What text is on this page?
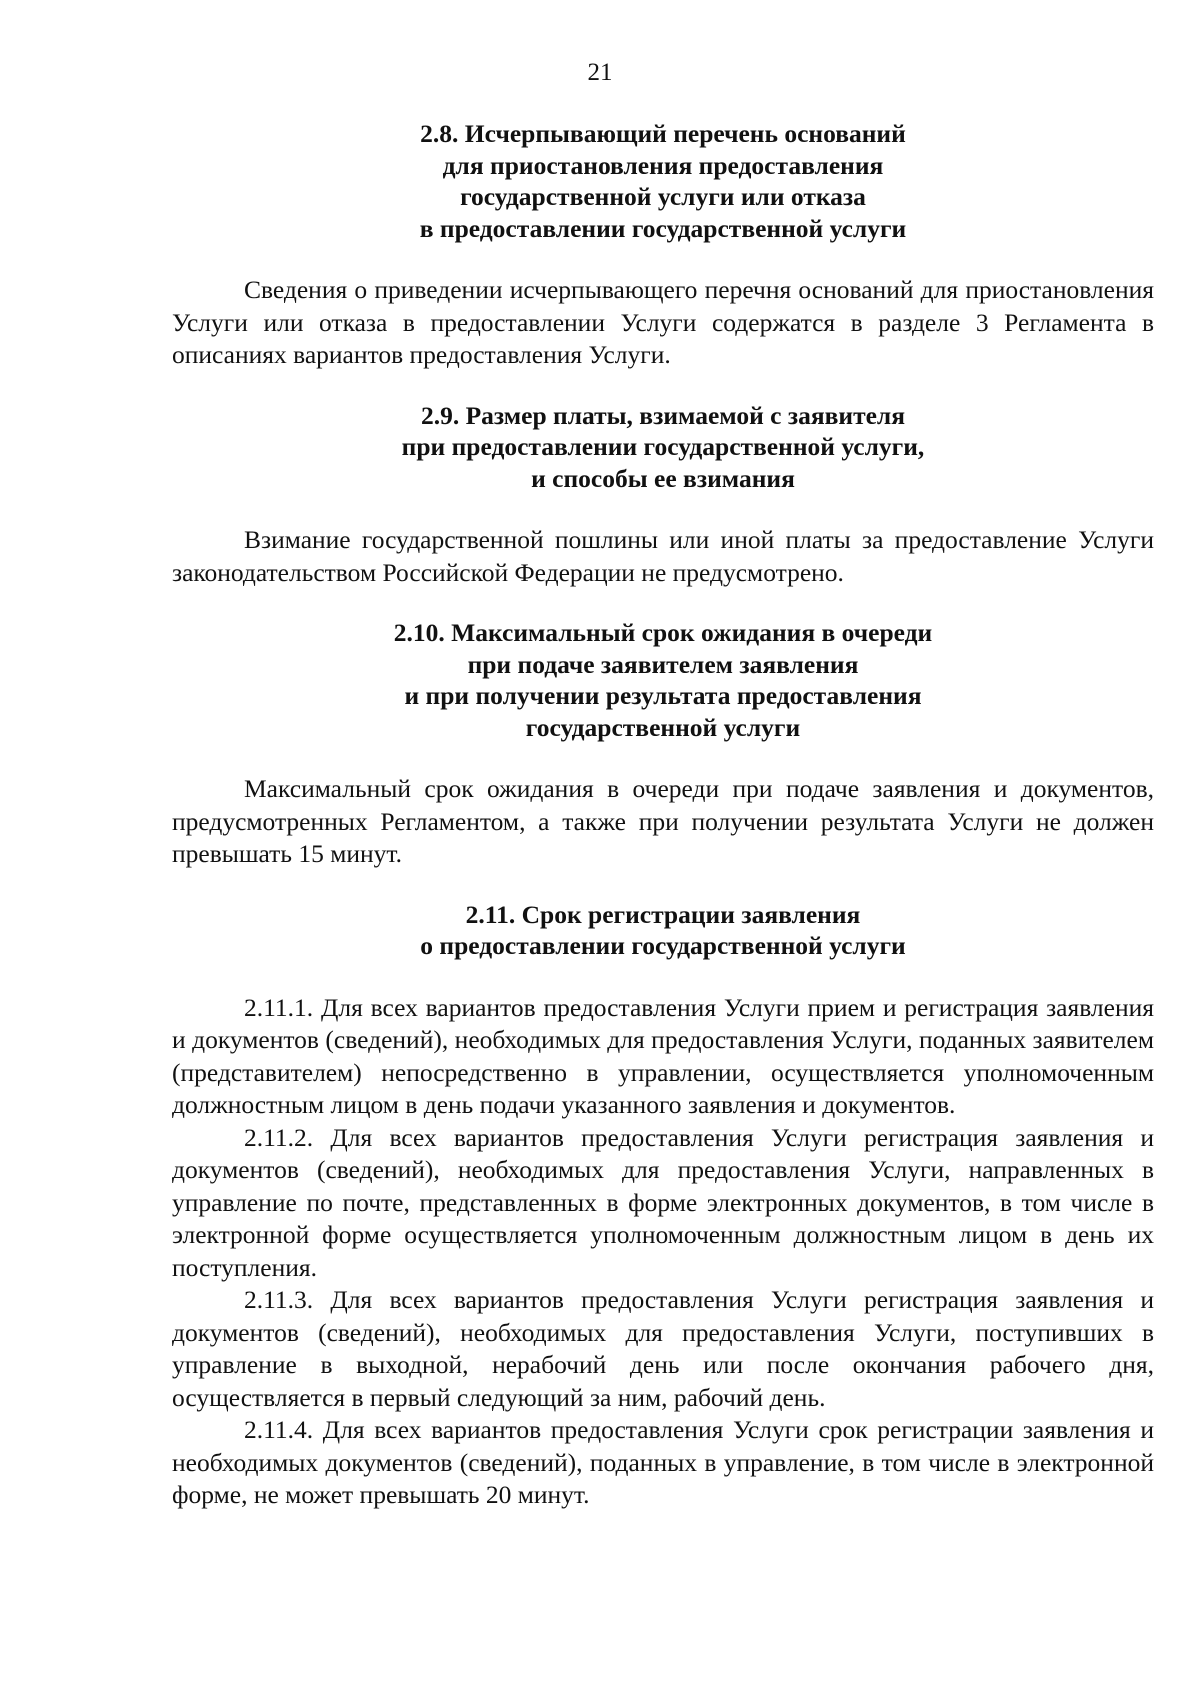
21
2.8. Исчерпывающий перечень оснований
для приостановления предоставления
государственной услуги или отказа
в предоставлении государственной услуги

Сведения о приведении исчерпывающего перечня оснований для приостановления Услуги или отказа в предоставлении Услуги содержатся в разделе 3 Регламента в описаниях вариантов предоставления Услуги.

2.9. Размер платы, взимаемой с заявителя
при предоставлении государственной услуги,
и способы ее взимания

Взимание государственной пошлины или иной платы за предоставление Услуги законодательством Российской Федерации не предусмотрено.

2.10. Максимальный срок ожидания в очереди
при подаче заявителем заявления
и при получении результата предоставления
государственной услуги

Максимальный срок ожидания в очереди при подаче заявления и документов, предусмотренных Регламентом, а также при получении результата Услуги не должен превышать 15 минут.

2.11. Срок регистрации заявления
о предоставлении государственной услуги

2.11.1. Для всех вариантов предоставления Услуги прием и регистрация заявления и документов (сведений), необходимых для предоставления Услуги, поданных заявителем (представителем) непосредственно в управлении, осуществляется уполномоченным должностным лицом в день подачи указанного заявления и документов.

2.11.2. Для всех вариантов предоставления Услуги регистрация заявления и документов (сведений), необходимых для предоставления Услуги, направленных в управление по почте, представленных в форме электронных документов, в том числе в электронной форме осуществляется уполномоченным должностным лицом в день их поступления.

2.11.3. Для всех вариантов предоставления Услуги регистрация заявления и документов (сведений), необходимых для предоставления Услуги, поступивших в управление в выходной, нерабочий день или после окончания рабочего дня, осуществляется в первый следующий за ним, рабочий день.

2.11.4. Для всех вариантов предоставления Услуги срок регистрации заявления и необходимых документов (сведений), поданных в управление, в том числе в электронной форме, не может превышать 20 минут.
